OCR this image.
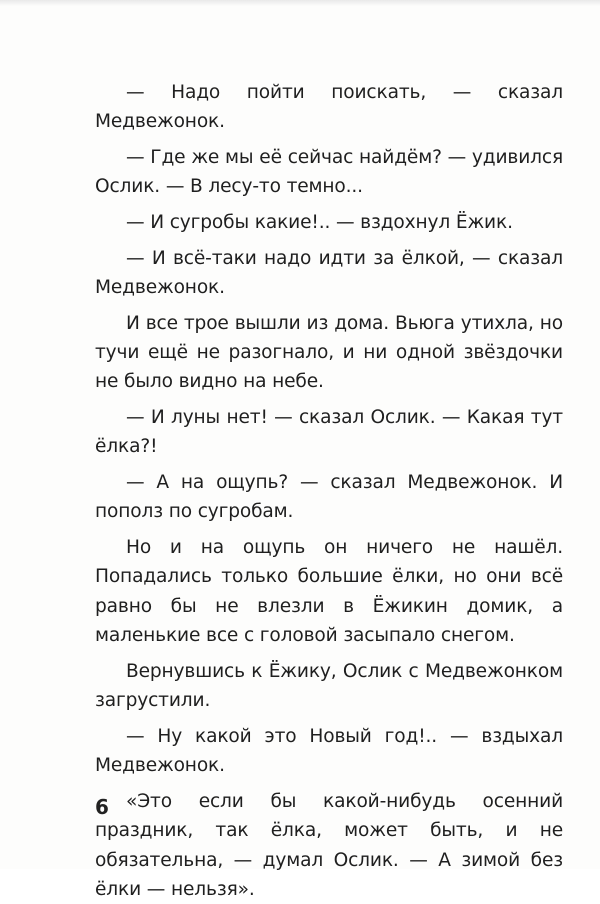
— Надо пойти поискать, — сказал Медвежонок.

— Где же мы её сейчас найдём? — удивился Ослик. — В лесу-то темно...

— И сугробы какие!.. — вздохнул Ёжик.

— И всё-таки надо идти за ёлкой, — сказал Медвежонок.

И все трое вышли из дома. Вьюга утихла, но тучи ещё не разогнало, и ни одной звёздочки не было видно на небе.

— И луны нет! — сказал Ослик. — Какая тут ёлка?!

— А на ощупь? — сказал Медвежонок. И пополз по сугробам.

Но и на ощупь он ничего не нашёл. Попадались только большие ёлки, но они всё равно бы не влезли в Ёжикин домик, а маленькие все с головой засыпало снегом.

Вернувшись к Ёжику, Ослик с Медвежонком загрустили.

— Ну какой это Новый год!.. — вздыхал Медвежонок.

«Это если бы какой-нибудь осенний праздник, так ёлка, может быть, и не обязательна, — думал Ослик. — А зимой без ёлки — нельзя».

6
